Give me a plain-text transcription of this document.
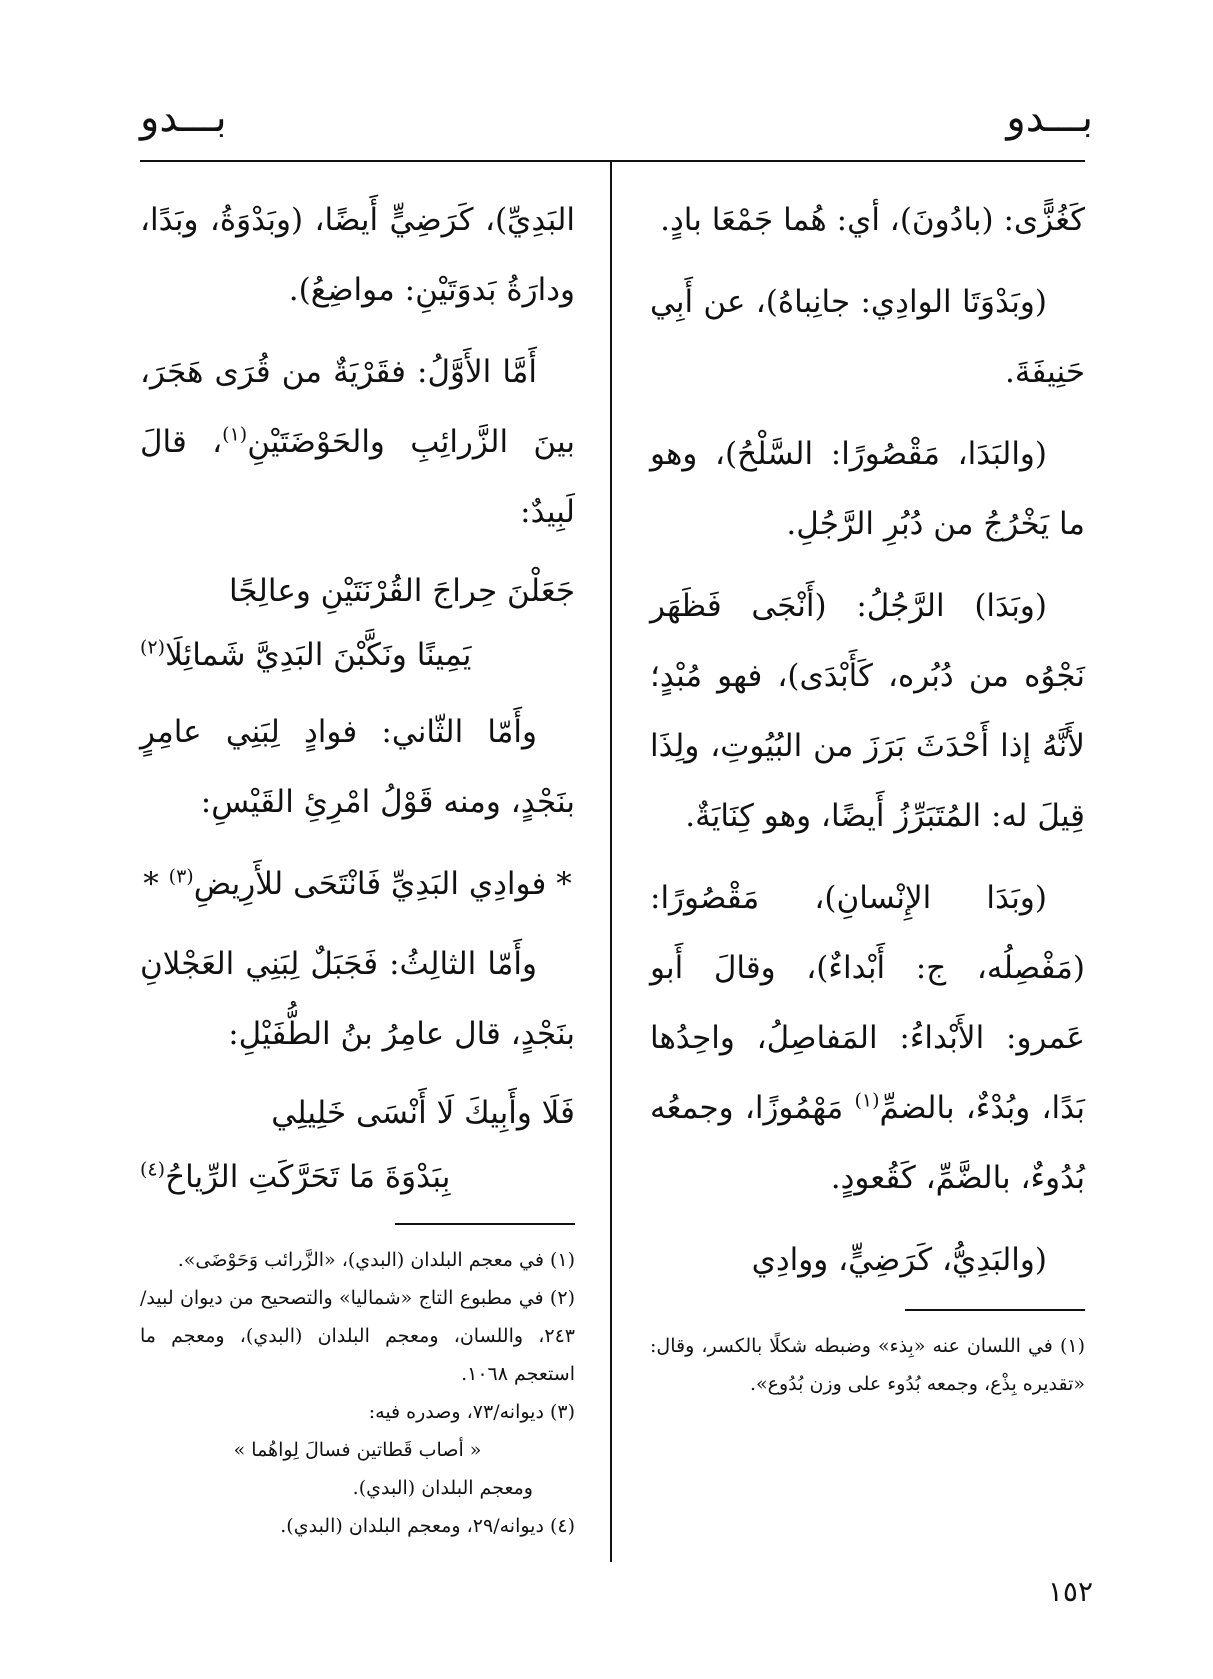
بـــدو
بـــدو

كَغُزًّى: (بادُونَ)، أي: هُما جَمْعَا بادٍ.

(وبَدْوَتَا الوادِي: جانِباهُ)، عن أَبِي حَنِيفَةَ.

(والبَدَا، مَقْصُورًا: السَّلْحُ)، وهو ما يَخْرُجُ من دُبُرِ الرَّجُلِ.

(وبَدَا) الرَّجُلُ: (أَنْجَى فَظَهَر نَجْوُه من دُبُره، كَأَبْدَى)، فهو مُبْدٍ؛ لأَنَّهُ إذا أَحْدَثَ بَرَزَ من البُيُوتِ، ولِذَا قِيلَ له: المُتَبَرِّزُ أَيضًا، وهو كِنَايَةٌ.

(وبَدَا الإِنْسانِ)، مَقْصُورًا: (مَفْصِلُه، ج: أَبْداءٌ)، وقالَ أَبو عَمرو: الأَبْداءُ: المَفاصِلُ، واحِدُها بَدًا، وبُدْءٌ، بالضمِّ$^{(١)}$ مَهْمُوزًا، وجمعُه بُدُوءٌ، بالضَّمِّ، كَقُعودٍ.

(والبَدِيُّ، كَرَضِيٍّ، ووادِي

(١) في اللسان عنه «بِذء» وضبطه شكلًا بالكسر، وقال: «تقديره بِذْع، وجمعه بُدُوء على وزن بُدُوع».

البَدِيِّ)، كَرَضِيٍّ أَيضًا، (وبَدْوَةُ، وبَدًا، ودارَةُ بَدوَتَيْنِ: مواضِعُ).

أَمَّا الأَوَّلُ: فقَرْيَةٌ من قُرَى هَجَرَ، بينَ الزَّرائِبِ والحَوْضَتَيْنِ$^{(١)}$، قالَ لَبِيدٌ:

جَعَلْنَ حِراجَ القُرْنَتَيْنِ وعالِجًا
يَمِينًا ونَكَّبْنَ البَدِيَّ شَمائِلَا$^{(٢)}$

وأَمّا الثّاني: فوادٍ لِبَنِي عامِرٍ بنَجْدٍ، ومنه قَوْلُ امْرِئِ القَيْسِ:

* فوادِي البَدِيِّ فَانْتَحَى للأَرِيضِ$^{(٣)}$ *

وأَمّا الثالِثُ: فَجَبَلٌ لِبَنِي العَجْلانِ بنَجْدٍ، قال عامِرُ بنُ الطُّفَيْلِ:

فَلَا وأَبِيكَ لَا أَنْسَى خَلِيلِي
بِبَدْوَةَ مَا تَحَرَّكَتِ الرِّياحُ$^{(٤)}$

(١) في معجم البلدان (البدي)، «الزَّرائب وَحَوْضَى».

(٢) في مطبوع التاج «شماليا» والتصحيح من ديوان لبيد/٢٤٣، واللسان، ومعجم البلدان (البدي)، ومعجم ما استعجم ١٠٦٨.

(٣) ديوانه/٧٣، وصدره فيه:
« أصاب قَطاتين فسالَ لِواهُما »
ومعجم البلدان (البدي).

(٤) ديوانه/٢٩، ومعجم البلدان (البدي).

١٥٢
